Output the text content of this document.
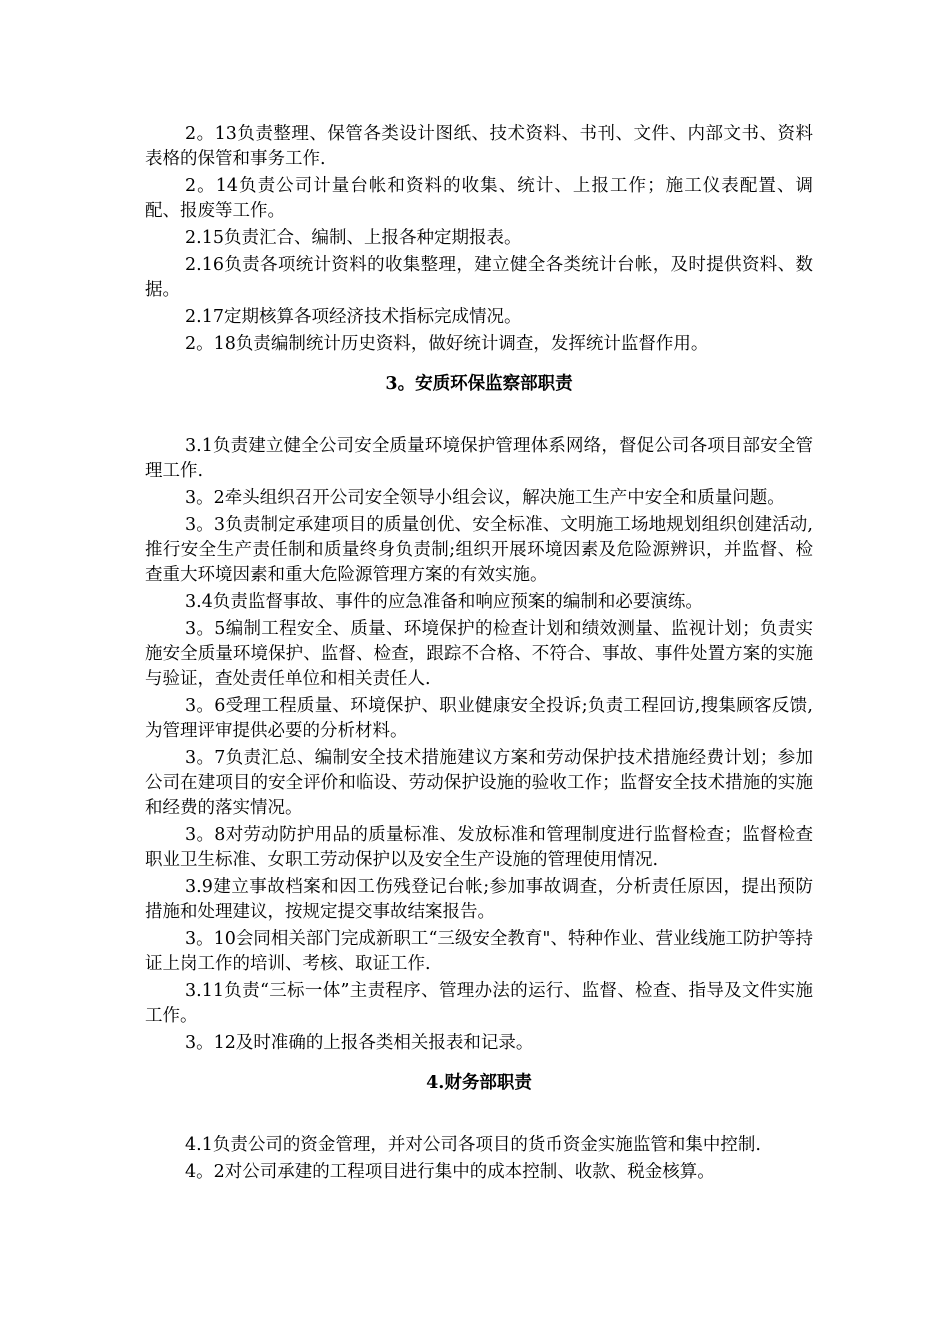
2。13负责整理、保管各类设计图纸、技术资料、书刊、文件、内部文书、资料表格的保管和事务工作.

2。14负责公司计量台帐和资料的收集、统计、上报工作；施工仪表配置、调配、报废等工作。

2.15负责汇合、编制、上报各种定期报表。

2.16负责各项统计资料的收集整理，建立健全各类统计台帐，及时提供资料、数据。

2.17定期核算各项经济技术指标完成情况。

2。18负责编制统计历史资料，做好统计调查，发挥统计监督作用。

3。安质环保监察部职责

3.1负责建立健全公司安全质量环境保护管理体系网络，督促公司各项目部安全管理工作.

3。2牵头组织召开公司安全领导小组会议，解决施工生产中安全和质量问题。

3。3负责制定承建项目的质量创优、安全标准、文明施工场地规划组织创建活动,推行安全生产责任制和质量终身负责制;组织开展环境因素及危险源辨识，并监督、检查重大环境因素和重大危险源管理方案的有效实施。

3.4负责监督事故、事件的应急准备和响应预案的编制和必要演练。

3。5编制工程安全、质量、环境保护的检查计划和绩效测量、监视计划；负责实施安全质量环境保护、监督、检查，跟踪不合格、不符合、事故、事件处置方案的实施与验证，查处责任单位和相关责任人.

3。6受理工程质量、环境保护、职业健康安全投诉;负责工程回访,搜集顾客反馈,为管理评审提供必要的分析材料。

3。7负责汇总、编制安全技术措施建议方案和劳动保护技术措施经费计划；参加公司在建项目的安全评价和临设、劳动保护设施的验收工作；监督安全技术措施的实施和经费的落实情况。

3。8对劳动防护用品的质量标准、发放标准和管理制度进行监督检查；监督检查职业卫生标准、女职工劳动保护以及安全生产设施的管理使用情况.

3.9建立事故档案和因工伤残登记台帐;参加事故调查，分析责任原因，提出预防措施和处理建议，按规定提交事故结案报告。

3。10会同相关部门完成新职工“三级安全教育"、特种作业、营业线施工防护等持证上岗工作的培训、考核、取证工作.

3.11负责“三标一体”主责程序、管理办法的运行、监督、检查、指导及文件实施工作。

3。12及时准确的上报各类相关报表和记录。

4.财务部职责

4.1负责公司的资金管理，并对公司各项目的货币资金实施监管和集中控制.

4。2对公司承建的工程项目进行集中的成本控制、收款、税金核算。
